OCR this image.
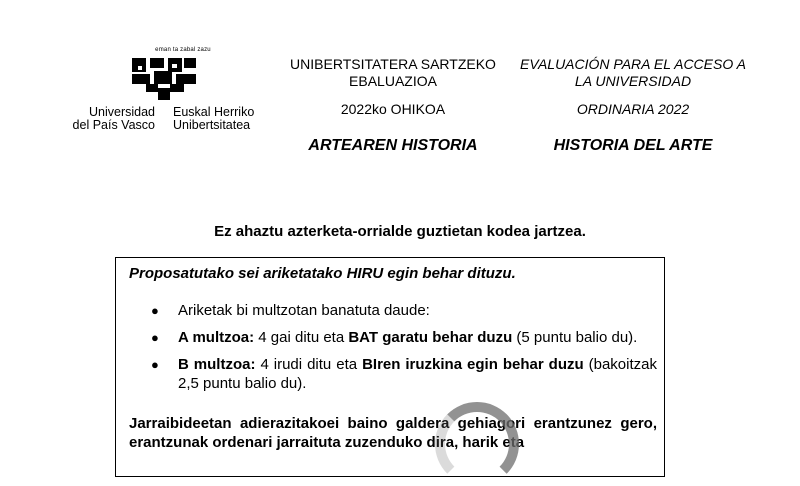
eman ta zabal zazu
Universidad
del País Vasco
Euskal Herriko
Unibertsitatea
UNIBERTSITATERA SARTZEKO EBALUAZIOA
2022ko OHIKOA
ARTEAREN HISTORIA
EVALUACIÓN PARA EL ACCESO A LA UNIVERSIDAD
ORDINARIA 2022
HISTORIA DEL ARTE
Ez ahaztu azterketa-orrialde guztietan kodea jartzea.

Proposatutako sei ariketatako HIRU egin behar dituzu.

● Ariketak bi multzotan banatuta daude:
● A multzoa: 4 gai ditu eta BAT garatu behar duzu (5 puntu balio du).
● B multzoa: 4 irudi ditu eta BIren iruzkina egin behar duzu (bakoitzak 2,5 puntu balio du).

Jarraibideetan adierazitakoei baino galdera gehiagori erantzunez gero, erantzunak ordenari jarraituta zuzenduko dira, harik eta
